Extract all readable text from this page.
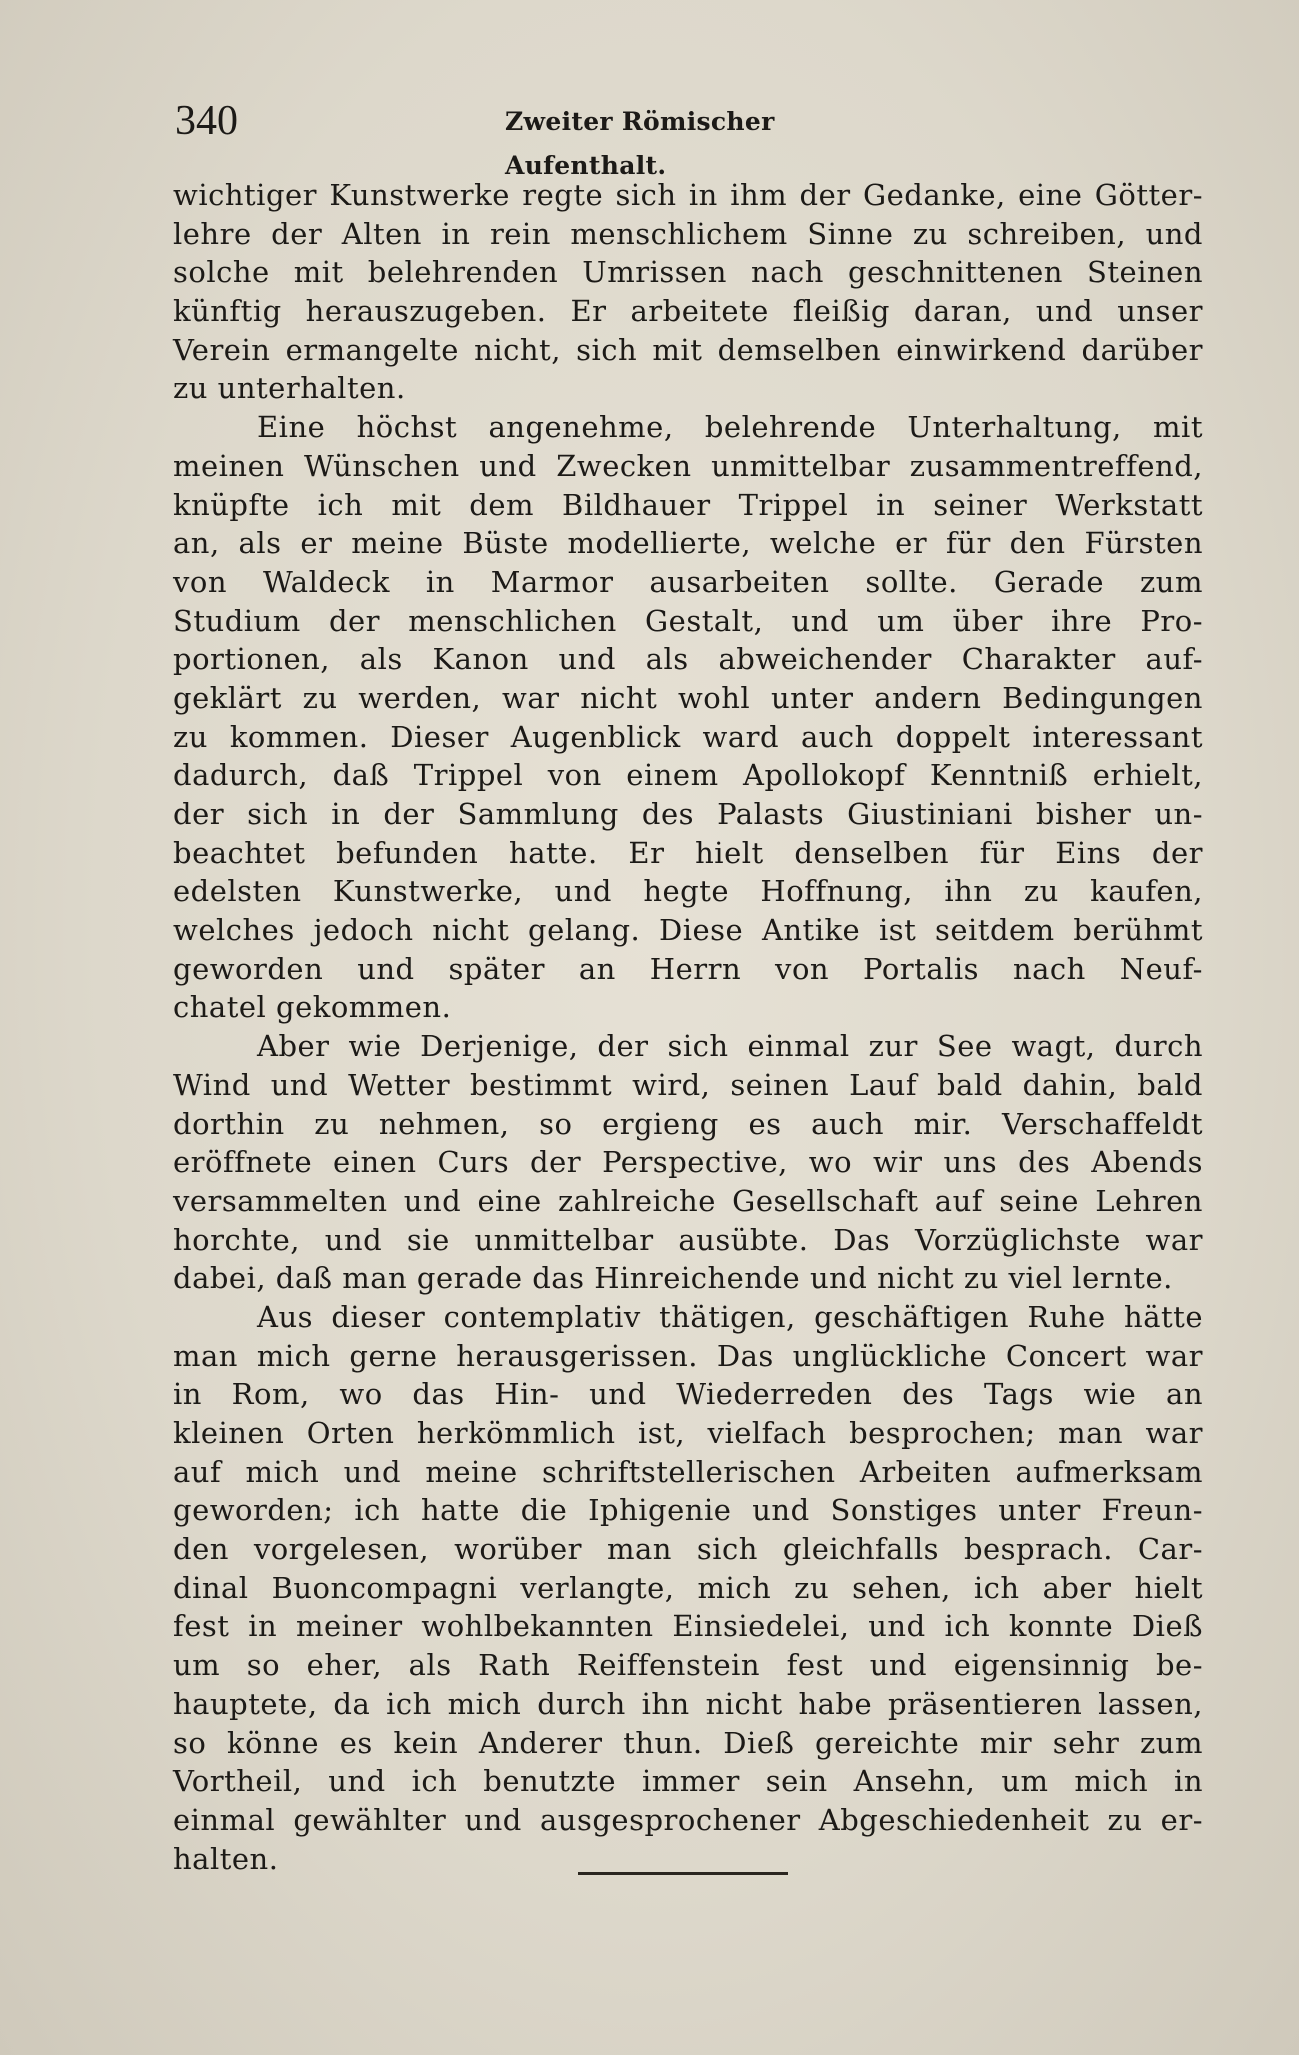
340	Zweiter Römischer Aufenthalt.
wichtiger Kunstwerke regte sich in ihm der Gedanke, eine Götter-
lehre der Alten in rein menschlichem Sinne zu schreiben, und
solche mit belehrenden Umrissen nach geschnittenen Steinen
künftig herauszugeben. Er arbeitete fleißig daran, und unser
Verein ermangelte nicht, sich mit demselben einwirkend darüber
zu unterhalten.
Eine höchst angenehme, belehrende Unterhaltung, mit
meinen Wünschen und Zwecken unmittelbar zusammentreffend,
knüpfte ich mit dem Bildhauer Trippel in seiner Werkstatt
an, als er meine Büste modellierte, welche er für den Fürsten
von Waldeck in Marmor ausarbeiten sollte. Gerade zum
Studium der menschlichen Gestalt, und um über ihre Pro-
portionen, als Kanon und als abweichender Charakter auf-
geklärt zu werden, war nicht wohl unter andern Bedingungen
zu kommen. Dieser Augenblick ward auch doppelt interessant
dadurch, daß Trippel von einem Apollokopf Kenntniß erhielt,
der sich in der Sammlung des Palasts Giustiniani bisher un-
beachtet befunden hatte. Er hielt denselben für Eins der
edelsten Kunstwerke, und hegte Hoffnung, ihn zu kaufen,
welches jedoch nicht gelang. Diese Antike ist seitdem berühmt
geworden und später an Herrn von Portalis nach Neuf-
chatel gekommen.
Aber wie Derjenige, der sich einmal zur See wagt, durch
Wind und Wetter bestimmt wird, seinen Lauf bald dahin, bald
dorthin zu nehmen, so ergieng es auch mir. Verschaffeldt
eröffnete einen Curs der Perspective, wo wir uns des Abends
versammelten und eine zahlreiche Gesellschaft auf seine Lehren
horchte, und sie unmittelbar ausübte. Das Vorzüglichste war
dabei, daß man gerade das Hinreichende und nicht zu viel lernte.
Aus dieser contemplativ thätigen, geschäftigen Ruhe hätte
man mich gerne herausgerissen. Das unglückliche Concert war
in Rom, wo das Hin- und Wiederreden des Tags wie an
kleinen Orten herkömmlich ist, vielfach besprochen; man war
auf mich und meine schriftstellerischen Arbeiten aufmerksam
geworden; ich hatte die Iphigenie und Sonstiges unter Freun-
den vorgelesen, worüber man sich gleichfalls besprach. Car-
dinal Buoncompagni verlangte, mich zu sehen, ich aber hielt
fest in meiner wohlbekannten Einsiedelei, und ich konnte Dieß
um so eher, als Rath Reiffenstein fest und eigensinnig be-
hauptete, da ich mich durch ihn nicht habe präsentieren lassen,
so könne es kein Anderer thun. Dieß gereichte mir sehr zum
Vortheil, und ich benutzte immer sein Ansehn, um mich in
einmal gewählter und ausgesprochener Abgeschiedenheit zu er-
halten.
